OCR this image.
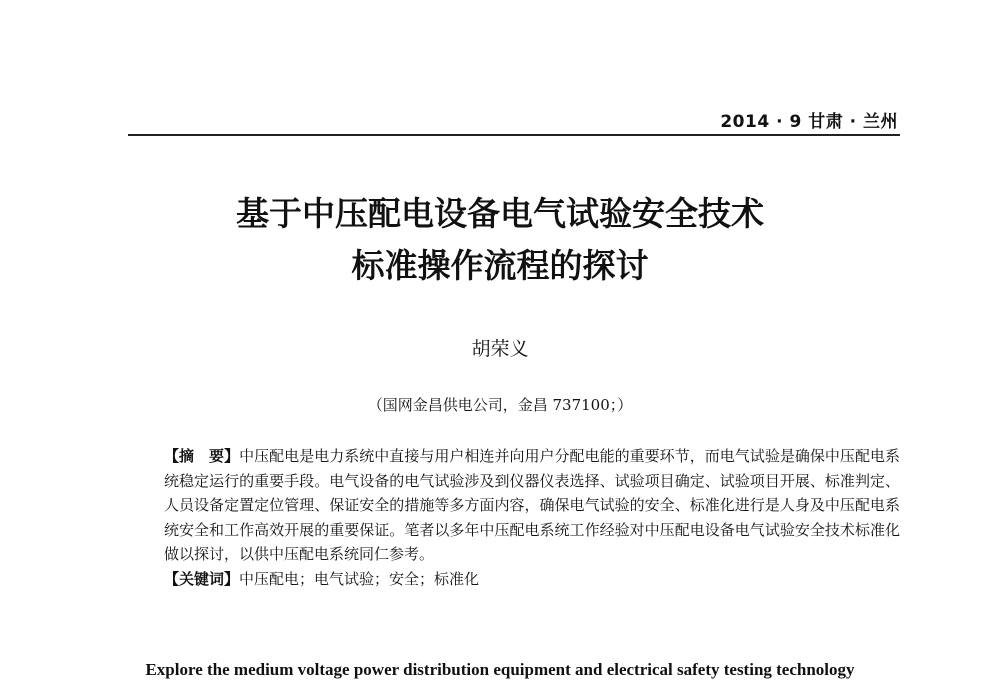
2014 · 9 甘肃 · 兰州
基于中压配电设备电气试验安全技术
标准操作流程的探讨
胡荣义
（国网金昌供电公司，金昌 737100；）

【摘　要】中压配电是电力系统中直接与用户相连并向用户分配电能的重要环节，而电气试验是确保中压配电系统稳定运行的重要手段。电气设备的电气试验涉及到仪器仪表选择、试验项目确定、试验项目开展、标准判定、人员设备定置定位管理、保证安全的措施等多方面内容，确保电气试验的安全、标准化进行是人身及中压配电系统安全和工作高效开展的重要保证。笔者以多年中压配电系统工作经验对中压配电设备电气试验安全技术标准化做以探讨，以供中压配电系统同仁参考。

【关键词】中压配电；电气试验；安全；标准化

Explore the medium voltage power distribution equipment and electrical safety testing technology
